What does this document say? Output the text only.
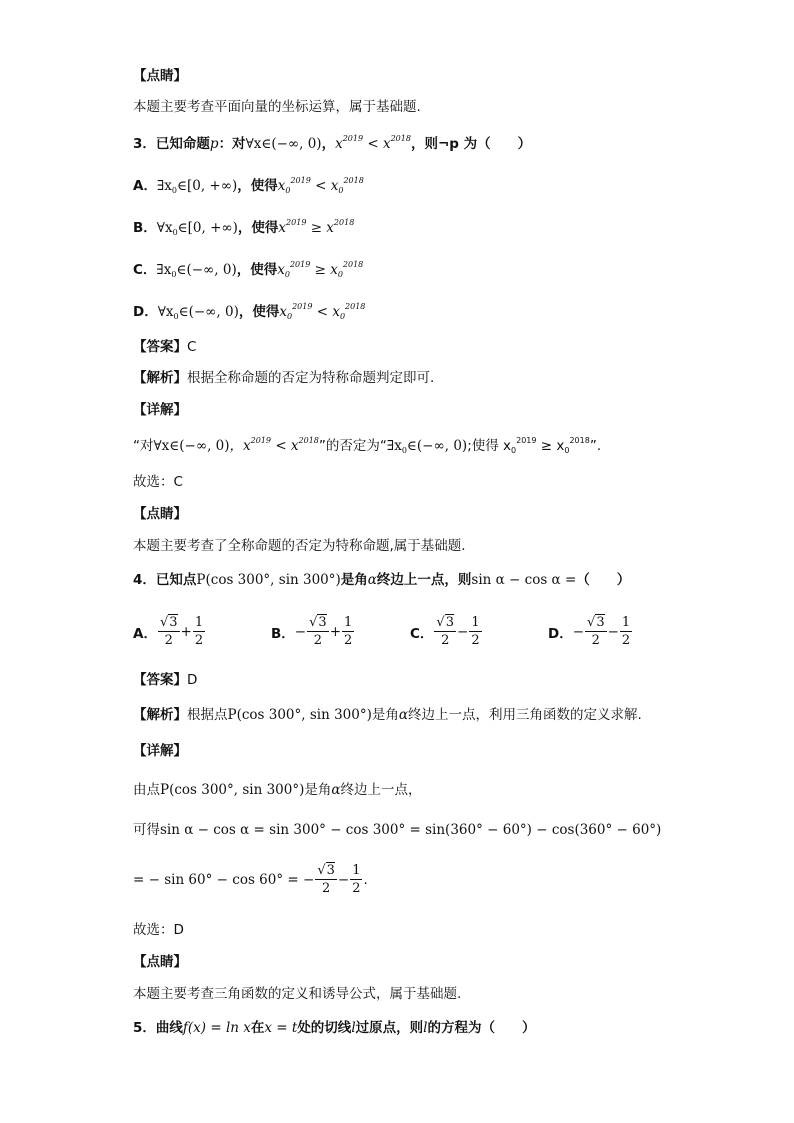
【点睛】
本题主要考查平面向量的坐标运算，属于基础题.
3．已知命题p：对∀x∈(−∞, 0)，$x^{2019} < x^{2018}$，则¬p 为（　　）
A．$\exists x_0\in[0$, +∞)，使得$x_0^{2019} < x_0^{2018}$
B．$\forall x_0\in[0$, +∞)，使得$x^{2019} \ge x^{2018}$
C．$\exists x_0\in(-\infty$, 0)，使得$x_0^{2019} \ge x_0^{2018}$
D．$\forall x_0\in(-\infty$, 0)，使得$x_0^{2019} < x_0^{2018}$
【答案】C
【解析】根据全称命题的否定为特称命题判定即可.
【详解】
“对∀x∈(−∞, 0)，$x^{2019} < x^{2018}$”的否定为“$\exists x_0\in(-\infty$, 0);使得 $x_0^{2019} \ge x_0^{2018}$”.
故选：C
【点睛】
本题主要考查了全称命题的否定为特称命题,属于基础题.
4．已知点P(cos 300°, sin 300°)是角α终边上一点，则sin α − cos α =（　　）
A． $\frac{√3}{2} + \frac{1}{2}$	B． − $\frac{√3}{2} + \frac{1}{2}$	C． $\frac{√3}{2} - \frac{1}{2}$	D． − $\frac{√3}{2} - \frac{1}{2}$
【答案】D
【解析】根据点P(cos 300°, sin 300°)是角α终边上一点，利用三角函数的定义求解.
【详解】
由点P(cos 300°, sin 300°)是角α终边上一点，
可得sin α − cos α = sin 300° − cos 300° = sin(360° − 60°) − cos(360° − 60°)
= − sin 60° − cos 60° = − $\frac{√3}{2} - \frac{1}{2}$ .
故选：D
【点睛】
本题主要考查三角函数的定义和诱导公式，属于基础题.
5．曲线f(x) = ln x在x = t处的切线l过原点，则l的方程为（　　）
